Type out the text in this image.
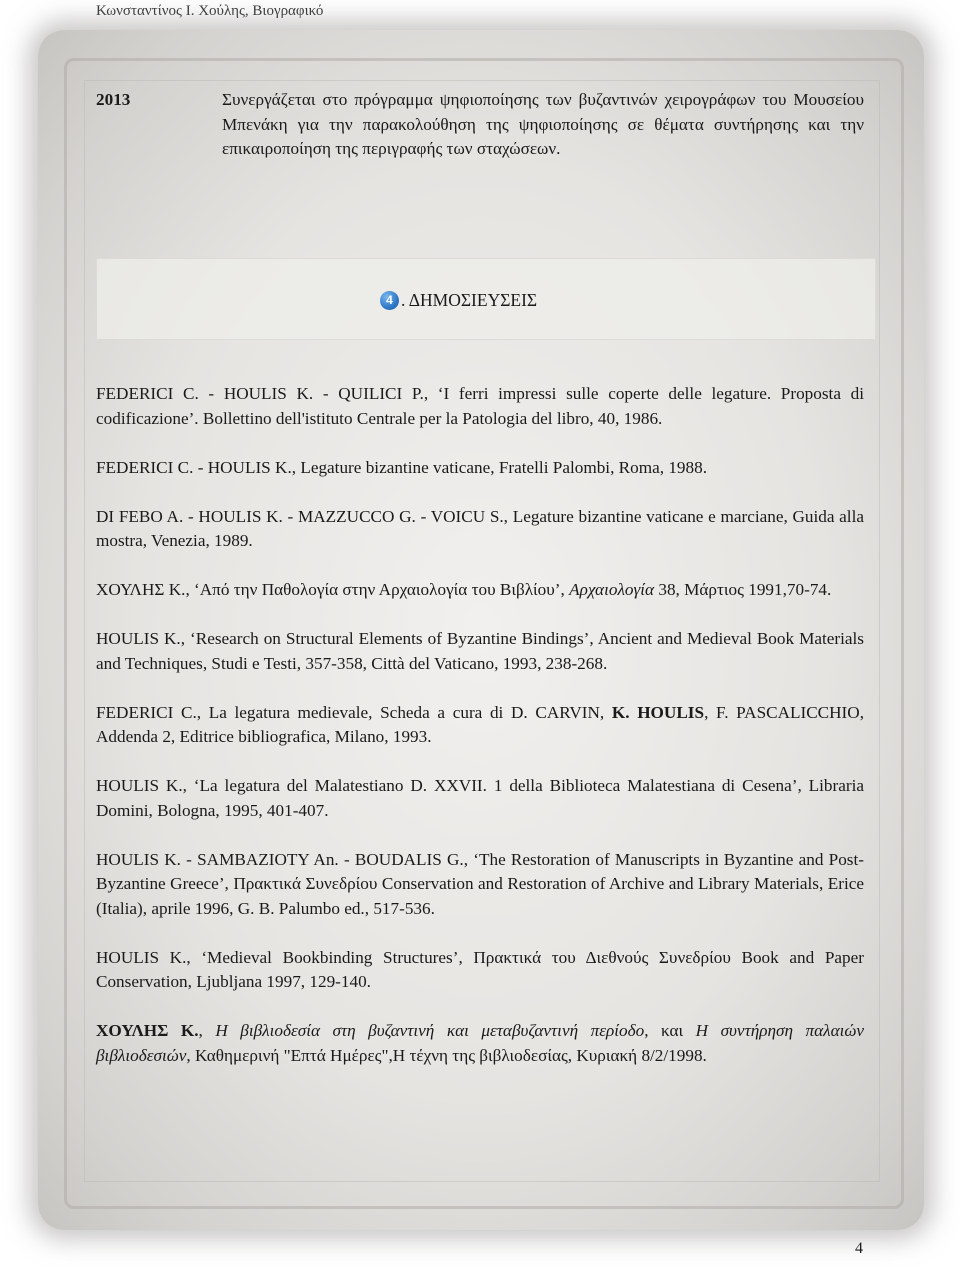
Κωνσταντίνος Ι. Χούλης, Βιογραφικό
2013	Συνεργάζεται στο πρόγραμμα ψηφιοποίησης των βυζαντινών χειρογράφων του Μουσείου Μπενάκη για την παρακολούθηση της ψηφιοποίησης σε θέματα συντήρησης και την επικαιροποίηση της περιγραφής των σταχώσεων.
4 . ΔΗΜΟΣΙΕΥΣΕΙΣ

FEDERICI C. - HOULIS K. - QUILICI P., ‘I ferri impressi sulle coperte delle legature. Proposta di codificazione’. Bollettino dell'istituto Centrale per la Patologia del libro, 40, 1986.

FEDERICI C. - HOULIS K., Legature bizantine vaticane, Fratelli Palombi, Roma, 1988.

DI FEBO A. - HOULIS K. - MAZZUCCO G. - VOICU S., Legature bizantine vaticane e marciane, Guida alla mostra, Venezia, 1989.

ΧΟΥΛΗΣ Κ., ‘Από την Παθολογία στην Αρχαιολογία του Βιβλίου’, Αρχαιολογία 38, Μάρτιος 1991,70-74.

HOULIS K., ‘Research on Structural Elements of Byzantine Bindings’, Ancient and Medieval Book Materials and Techniques, Studi e Testi, 357-358, Città del Vaticano, 1993, 238-268.

FEDERICI C., La legatura medievale, Scheda a cura di D. CARVIN, K. HOULIS, F. PASCALICCHIO, Addenda 2, Editrice bibliografica, Milano, 1993.

HOULIS K., ‘La legatura del Malatestiano D. XXVII. 1 della Biblioteca Malatestiana di Cesena’, Libraria Domini, Bologna, 1995, 401-407.

HOULIS K. - SAMBAZIOTY An. - BOUDALIS G., ‘The Restoration of Manuscripts in Byzantine and Post-Byzantine Greece’, Πρακτικά Συνεδρίου Conservation and Restoration of Archive and Library Materials, Erice (Italia), aprile 1996, G. B. Palumbo ed., 517-536.

HOULIS K., ‘Medieval Bookbinding Structures’, Πρακτικά του Διεθνούς Συνεδρίου Book and Paper Conservation, Ljubljana 1997, 129-140.

ΧΟΥΛΗΣ Κ., Η βιβλιοδεσία στη βυζαντινή και μεταβυζαντινή περίοδο, και Η συντήρηση παλαιών βιβλιοδεσιών, Καθημερινή "Επτά Ημέρες",Η τέχνη της βιβλιοδεσίας, Κυριακή 8/2/1998.

4
